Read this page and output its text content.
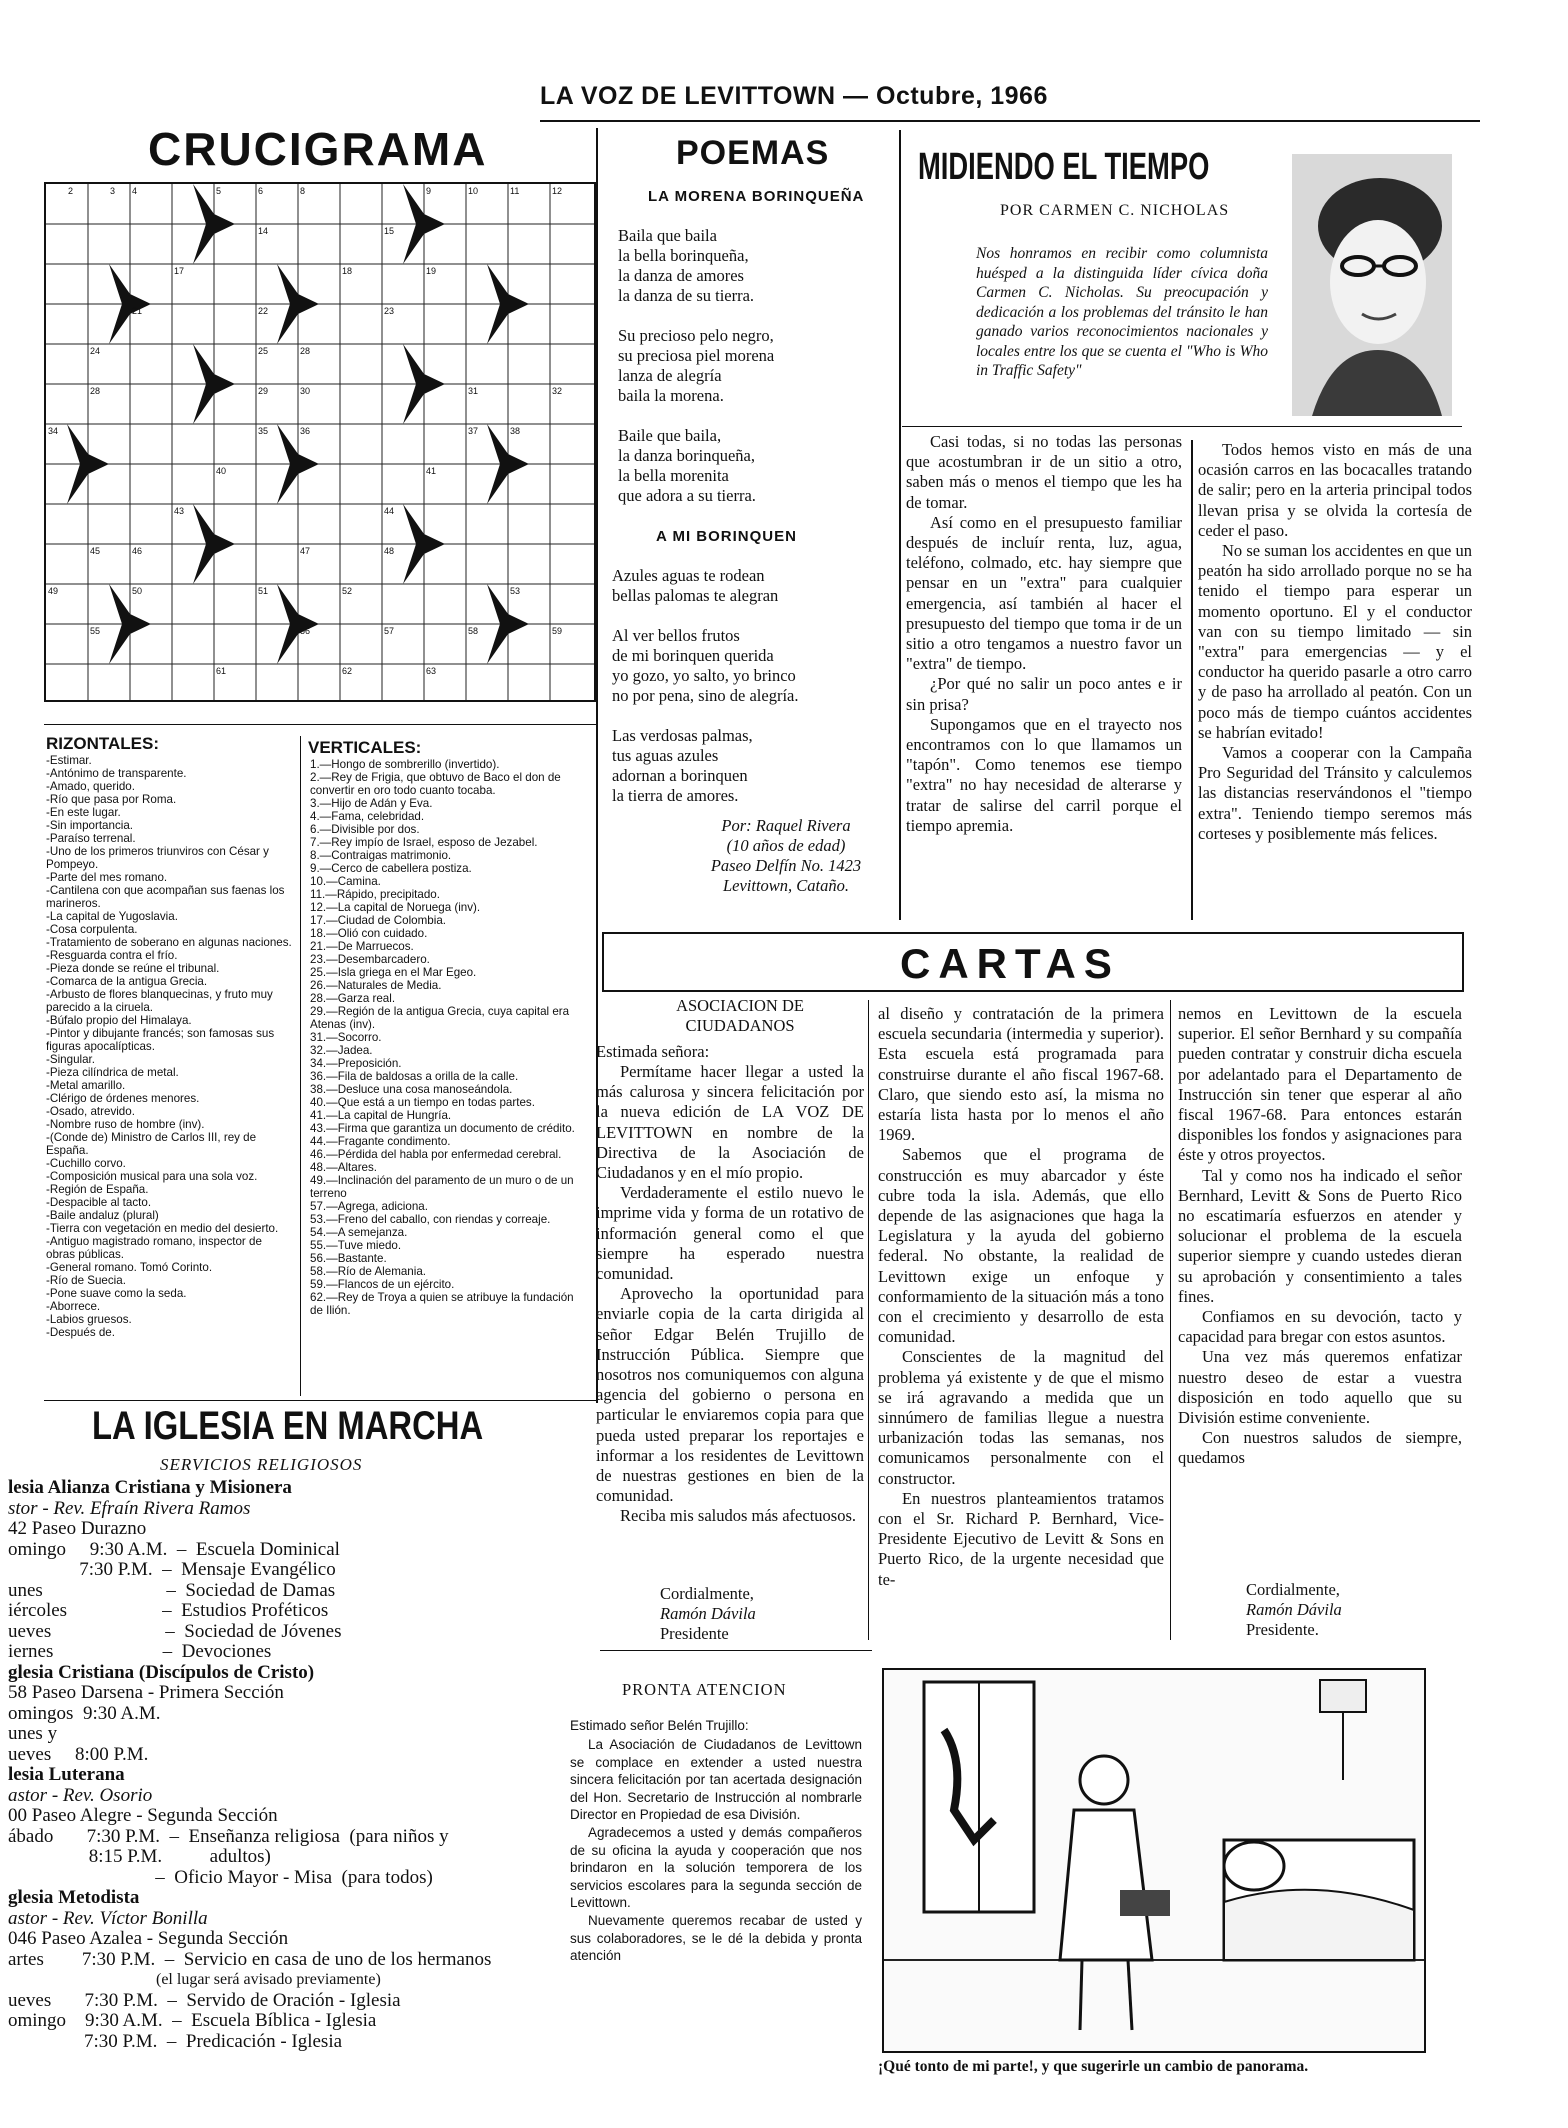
LA VOZ DE LEVITTOWN — Octubre, 1966
CRUCIGRAMA
2	3 4	5	6	8	9	10	11	12
14	15
17	18	19
21	22	23
24	25	28
28	29	30	31	32
34	35	36	37	38
40	41
43	44
45	46	47	48
49	50	51	52	53
55	56	57	58	59
61	62	63
RIZONTALES:
-Estimar.
-Antónimo de transparente.
-Amado, querido.
-Río que pasa por Roma.
-En este lugar.
-Sin importancia.
-Paraíso terrenal.
-Uno de los primeros triunviros con César y Pompeyo.
-Parte del mes romano.
-Cantilena con que acompañan sus faenas los marineros.
-La capital de Yugoslavia.
-Cosa corpulenta.
-Tratamiento de soberano en algunas naciones.
-Resguarda contra el frío.
-Pieza donde se reúne el tribunal.
-Comarca de la antigua Grecia.
-Arbusto de flores blanquecinas, y fruto muy parecido a la ciruela.
-Búfalo propio del Himalaya.
-Pintor y dibujante francés; son famosas sus figuras apocalípticas.
-Singular.
-Pieza cilíndrica de metal.
-Metal amarillo.
-Clérigo de órdenes menores.
-Osado, atrevido.
-Nombre ruso de hombre (inv).
-(Conde de) Ministro de Carlos III, rey de España.
-Cuchillo corvo.
-Composición musical para una sola voz.
-Región de España.
-Despacible al tacto.
-Baile andaluz (plural)
-Tierra con vegetación en medio del desierto.
-Antiguo magistrado romano, inspector de obras públicas.
-General romano. Tomó Corinto.
-Río de Suecia.
-Pone suave como la seda.
-Aborrece.
-Labios gruesos.
-Después de.
VERTICALES:
1.—Hongo de sombrerillo (invertido).
2.—Rey de Frigia, que obtuvo de Baco el don de convertir en oro todo cuanto tocaba.
3.—Hijo de Adán y Eva.
4.—Fama, celebridad.
6.—Divisible por dos.
7.—Rey impío de Israel, esposo de Jezabel.
8.—Contraigas matrimonio.
9.—Cerco de cabellera postiza.
10.—Camina.
11.—Rápido, precipitado.
12.—La capital de Noruega (inv).
17.—Ciudad de Colombia.
18.—Olió con cuidado.
21.—De Marruecos.
23.—Desembarcadero.
25.—Isla griega en el Mar Egeo.
26.—Naturales de Media.
28.—Garza real.
29.—Región de la antigua Grecia, cuya capital era Atenas (inv).
31.—Socorro.
32.—Jadea.
34.—Preposición.
36.—Fila de baldosas a orilla de la calle.
38.—Desluce una cosa manoseándola.
40.—Que está a un tiempo en todas partes.
41.—La capital de Hungría.
43.—Firma que garantiza un documento de crédito.
44.—Fragante condimento.
46.—Pérdida del habla por enfermedad cerebral.
48.—Altares.
49.—Inclinación del paramento de un muro o de un terreno
57.—Agrega, adiciona.
53.—Freno del caballo, con riendas y correaje.
54.—A semejanza.
55.—Tuve miedo.
56.—Bastante.
58.—Río de Alemania.
59.—Flancos de un ejército.
62.—Rey de Troya a quien se atribuye la fundación de Ilión.
LA IGLESIA EN MARCHA
SERVICIOS RELIGIOSOS
lesia Alianza Cristiana y Misionera
stor - Rev. Efraín Rivera Ramos
42 Paseo Durazno
omingo     9:30 A.M.  –  Escuela Dominical
7:30 P.M.  –  Mensaje Evangélico
unes                          –  Sociedad de Damas
iércoles                    –  Estudios Proféticos
ueves                        –  Sociedad de Jóvenes
iernes                       –  Devociones
glesia Cristiana (Discípulos de Cristo)
58 Paseo Darsena - Primera Sección
omingos  9:30 A.M.
unes y
ueves     8:00 P.M.
lesia Luterana
astor - Rev. Osorio
00 Paseo Alegre - Segunda Sección
ábado       7:30 P.M.  –  Enseñanza religiosa  (para niños y
8:15 P.M.          adultos)
–  Oficio Mayor - Misa  (para todos)
glesia Metodista
astor - Rev. Víctor Bonilla
046 Paseo Azalea - Segunda Sección
artes        7:30 P.M.  –  Servicio en casa de uno de los hermanos
(el lugar será avisado previamente)
ueves       7:30 P.M.  –  Servido de Oración - Iglesia
omingo    9:30 A.M.  –  Escuela Bíblica - Iglesia
7:30 P.M.  –  Predicación - Iglesia
POEMAS
LA MORENA BORINQUEÑA

Baila que baila
la bella borinqueña,
la danza de amores
la danza de su tierra.

Su precioso pelo negro,
su preciosa piel morena
lanza de alegría
baila la morena.

Baile que baila,
la danza borinqueña,
la bella morenita
que adora a su tierra.

A MI BORINQUEN

Azules aguas te rodean
bellas palomas te alegran

Al ver bellos frutos
de mi borinquen querida
yo gozo, yo salto, yo brinco
no por pena, sino de alegría.

Las verdosas palmas,
tus aguas azules
adornan a borinquen
la tierra de amores.

Por: Raquel Rivera
(10 años de edad)
Paseo Delfín No. 1423
Levittown, Cataño.
MIDIENDO EL TIEMPO
POR CARMEN C. NICHOLAS
Nos honramos en recibir como columnista huésped a la distinguida líder cívica doña Carmen C. Nicholas. Su preocupación y dedicación a los problemas del tránsito le han ganado varios reconocimientos nacionales y locales entre los que se cuenta el "Who is Who in Traffic Safety"

Casi todas, si no todas las personas que acostumbran ir de un sitio a otro, saben más o menos el tiempo que les ha de tomar.

Así como en el presupuesto familiar después de incluír renta, luz, agua, teléfono, colmado, etc. hay siempre que pensar en un "extra" para cualquier emergencia, así también al hacer el presupuesto del tiempo que toma ir de un sitio a otro tengamos a nuestro favor un "extra" de tiempo.

¿Por qué no salir un poco antes e ir sin prisa?

Supongamos que en el trayecto nos encontramos con lo que llamamos un "tapón". Como tenemos ese tiempo "extra" no hay necesidad de alterarse y tratar de salirse del carril porque el tiempo apremia.

Todos hemos visto en más de una ocasión carros en las bocacalles tratando de salir; pero en la arteria principal todos llevan prisa y se olvida la cortesía de ceder el paso.

No se suman los accidentes en que un peatón ha sido arrollado porque no se ha tenido el tiempo para esperar un momento oportuno. El y el conductor van con su tiempo limitado — sin "extra" para emergencias — y el conductor ha querido pasarle a otro carro y de paso ha arrollado al peatón. Con un poco más de tiempo cuántos accidentes se habrían evitado!

Vamos a cooperar con la Campaña Pro Seguridad del Tránsito y calculemos las distancias reservándonos el "tiempo extra". Teniendo tiempo seremos más corteses y posiblemente más felices.

CARTAS
ASOCIACION DE CIUDADANOS
Estimada señora:

Permítame hacer llegar a usted la más calurosa y sincera felicitación por la nueva edición de LA VOZ DE LEVITTOWN en nombre de la Directiva de la Asociación de Ciudadanos y en el mío propio.

Verdaderamente el estilo nuevo le imprime vida y forma de un rotativo de información general como el que siempre ha esperado nuestra comunidad.

Aprovecho la oportunidad para enviarle copia de la carta dirigida al señor Edgar Belén Trujillo de Instrucción Pública. Siempre que nosotros nos comuniquemos con alguna agencia del gobierno o persona en particular le enviaremos copia para que pueda usted preparar los reportajes e informar a los residentes de Levittown de nuestras gestiones en bien de la comunidad.

Reciba mis saludos más afectuosos.

Cordialmente,
Ramón Dávila
Presidente

al diseño y contratación de la primera escuela secundaria (intermedia y superior). Esta escuela está programada para construirse durante el año fiscal 1967-68. Claro, que siendo esto así, la misma no estaría lista hasta por lo menos el año 1969.

Sabemos que el programa de construcción es muy abarcador y éste cubre toda la isla. Además, que ello depende de las asignaciones que haga la Legislatura y la ayuda del gobierno federal. No obstante, la realidad de Levittown exige un enfoque y conformamiento de la situación más a tono con el crecimiento y desarrollo de esta comunidad.

Conscientes de la magnitud del problema yá existente y de que el mismo se irá agravando a medida que un sinnúmero de familias llegue a nuestra urbanización todas las semanas, nos comunicamos personalmente con el constructor.

En nuestros planteamientos tratamos con el Sr. Richard P. Bernhard, Vice-Presidente Ejecutivo de Levitt & Sons en Puerto Rico, de la urgente necesidad que te-

nemos en Levittown de la escuela superior. El señor Bernhard y su compañía pueden contratar y construir dicha escuela por adelantado para el Departamento de Instrucción sin tener que esperar al año fiscal 1967-68. Para entonces estarán disponibles los fondos y asignaciones para éste y otros proyectos.

Tal y como nos ha indicado el señor Bernhard, Levitt & Sons de Puerto Rico no escatimaría esfuerzos en atender y solucionar el problema de la escuela superior siempre y cuando ustedes dieran su aprobación y consentimiento a tales fines.

Confiamos en su devoción, tacto y capacidad para bregar con estos asuntos.

Una vez más queremos enfatizar nuestro deseo de estar a vuestra disposición en todo aquello que su División estime conveniente.

Con nuestros saludos de siempre, quedamos

Cordialmente,
Ramón Dávila
Presidente.
PRONTA ATENCION
Estimado señor Belén Trujillo:

La Asociación de Ciudadanos de Levittown se complace en extender a usted nuestra sincera felicitación por tan acertada designación del Hon. Secretario de Instrucción al nombrarle Director en Propiedad de esa División.

Agradecemos a usted y demás compañeros de su oficina la ayuda y cooperación que nos brindaron en la solución temporera de los servicios escolares para la segunda sección de Levittown.

Nuevamente queremos recabar de usted y sus colaboradores, se le dé la debida y pronta atención

¡Qué tonto de mi parte!, y que sugerirle un cambio de panorama.
